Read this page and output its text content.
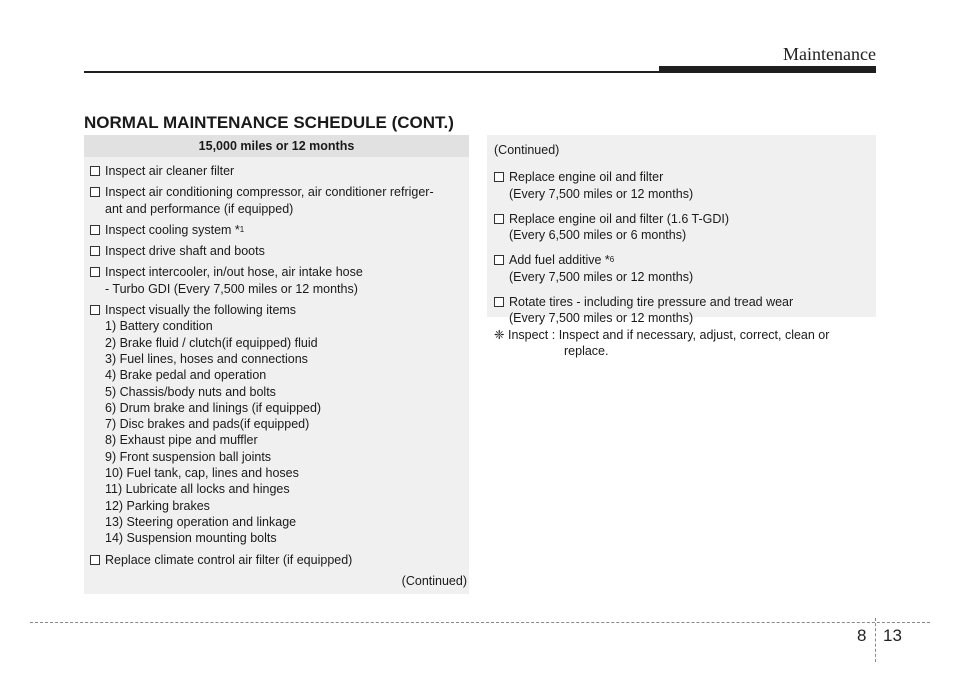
Maintenance
NORMAL MAINTENANCE SCHEDULE (CONT.)
15,000 miles or 12 months
Inspect air cleaner filter
Inspect air conditioning compressor, air conditioner refriger-
ant and performance (if equipped)
Inspect cooling system * 1
Inspect drive shaft and boots
Inspect intercooler, in/out hose, air intake hose
- Turbo GDI (Every 7,500 miles or 12 months)
Inspect visually the following items
1) Battery condition
2) Brake fluid / clutch(if equipped) fluid
3) Fuel lines, hoses and connections
4) Brake pedal and operation
5) Chassis/body nuts and bolts
6) Drum brake and linings (if equipped)
7) Disc brakes and pads(if equipped)
8) Exhaust pipe and muffler
9) Front suspension ball joints
10) Fuel tank, cap, lines and hoses
11) Lubricate all locks and hinges
12) Parking brakes
13) Steering operation and linkage
14) Suspension mounting bolts
Replace climate control air filter (if equipped)
(Continued)
(Continued)
Replace engine oil and filter
(Every 7,500 miles or 12 months)
Replace engine oil and filter (1.6 T-GDI)
(Every 6,500 miles or 6 months)
Add fuel additive * 6
(Every 7,500 miles or 12 months)
Rotate tires - including tire pressure and tread wear
(Every 7,500 miles or 12 months)
❈ Inspect : Inspect and if necessary, adjust, correct, clean or
replace.
8 13
